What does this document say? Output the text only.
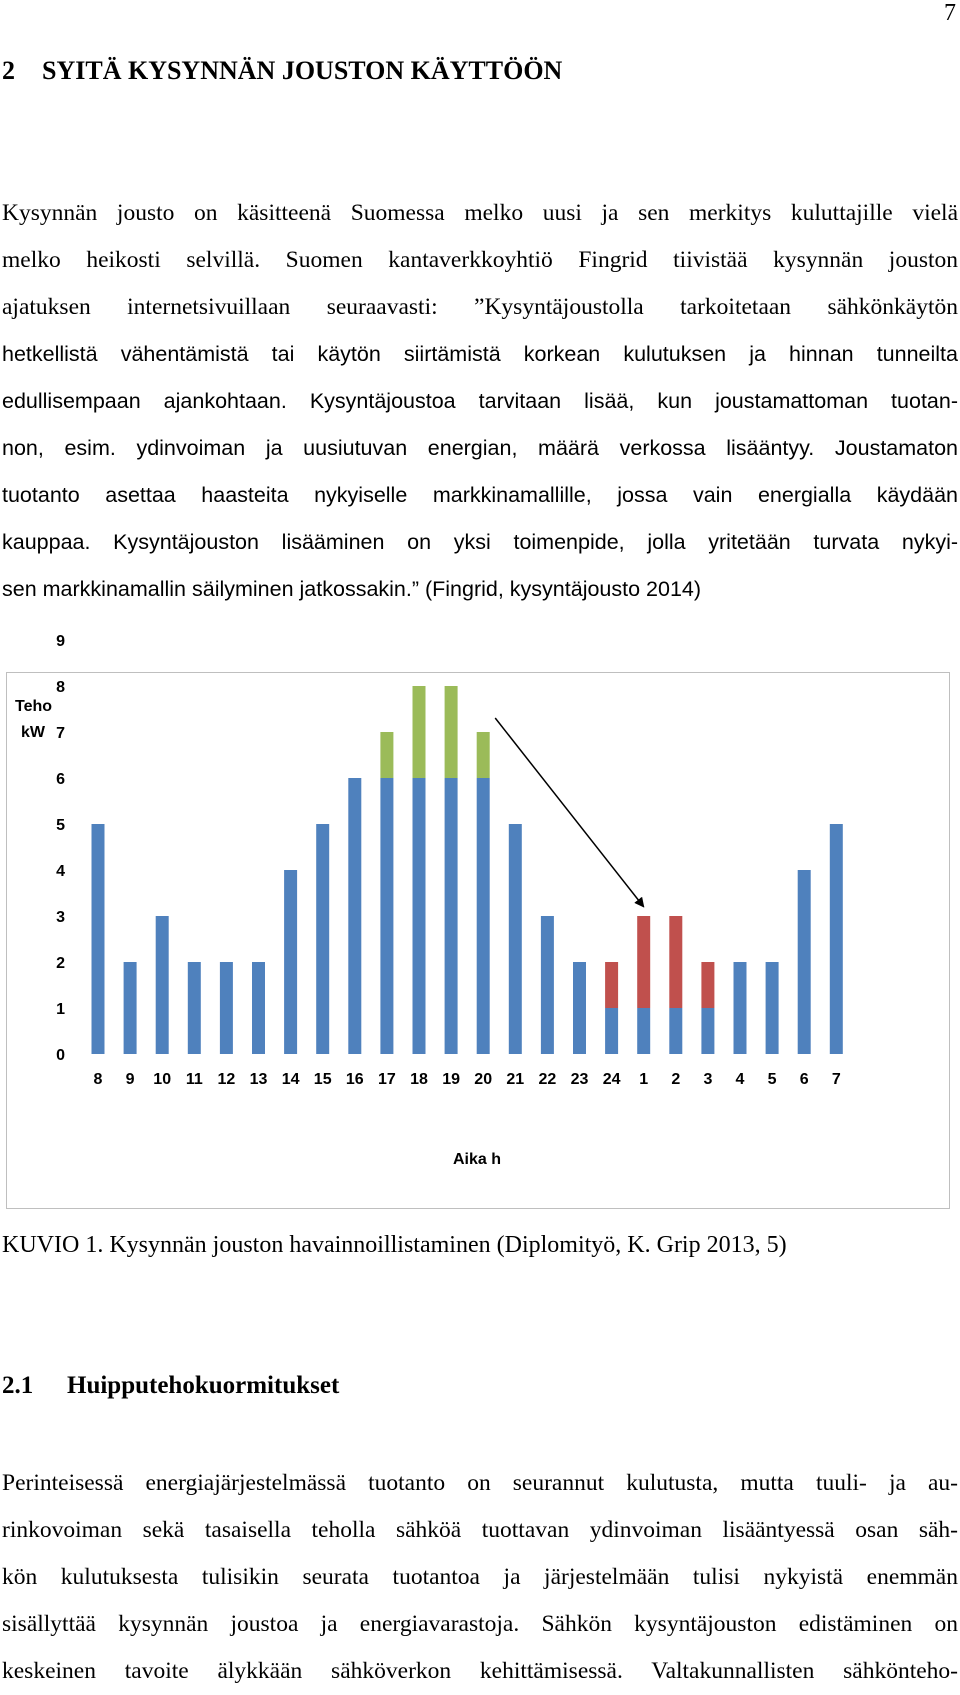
7
2 SYITÄ KYSYNNÄN JOUSTON KÄYTTÖÖN
Kysynnän jousto on käsitteenä Suomessa melko uusi ja sen merkitys kuluttajille vielä
melko heikosti selvillä. Suomen kantaverkkoyhtiö Fingrid tiivistää kysynnän jouston
ajatuksen internetsivuillaan seuraavasti: ”Kysyntäjoustolla tarkoitetaan sähkönkäytön
hetkellistä vähentämistä tai käytön siirtämistä korkean kulutuksen ja hinnan tunneilta
edullisempaan ajankohtaan. Kysyntäjoustoa tarvitaan lisää, kun joustamattoman tuotan-
non, esim. ydinvoiman ja uusiutuvan energian, määrä verkossa lisääntyy. Joustamaton
tuotanto asettaa haasteita nykyiselle markkinamallille, jossa vain energialla käydään
kauppaa. Kysyntäjouston lisääminen on yksi toimenpide, jolla yritetään turvata nykyi-
sen markkinamallin säilyminen jatkossakin.” (Fingrid, kysyntäjousto 2014)
0
1
2
3
4
5
6
7
8
9
8 9 10 11 12 13 14 15 16 17 18 19 20 21 22 23 24 1 2 3 4 5 6 7
Teho
kW
Aika h
KUVIO 1. Kysynnän jouston havainnoillistaminen (Diplomityö, K. Grip 2013, 5)
2.1 Huipputehokuormitukset
Perinteisessä energiajärjestelmässä tuotanto on seurannut kulutusta, mutta tuuli- ja au-
rinkovoiman sekä tasaisella teholla sähköä tuottavan ydinvoiman lisääntyessä osan säh-
kön kulutuksesta tulisikin seurata tuotantoa ja järjestelmään tulisi nykyistä enemmän
sisällyttää kysynnän joustoa ja energiavarastoja. Sähkön kysyntäjouston edistäminen on
keskeinen tavoite älykkään sähköverkon kehittämisessä. Valtakunnallisten sähköntehо-
